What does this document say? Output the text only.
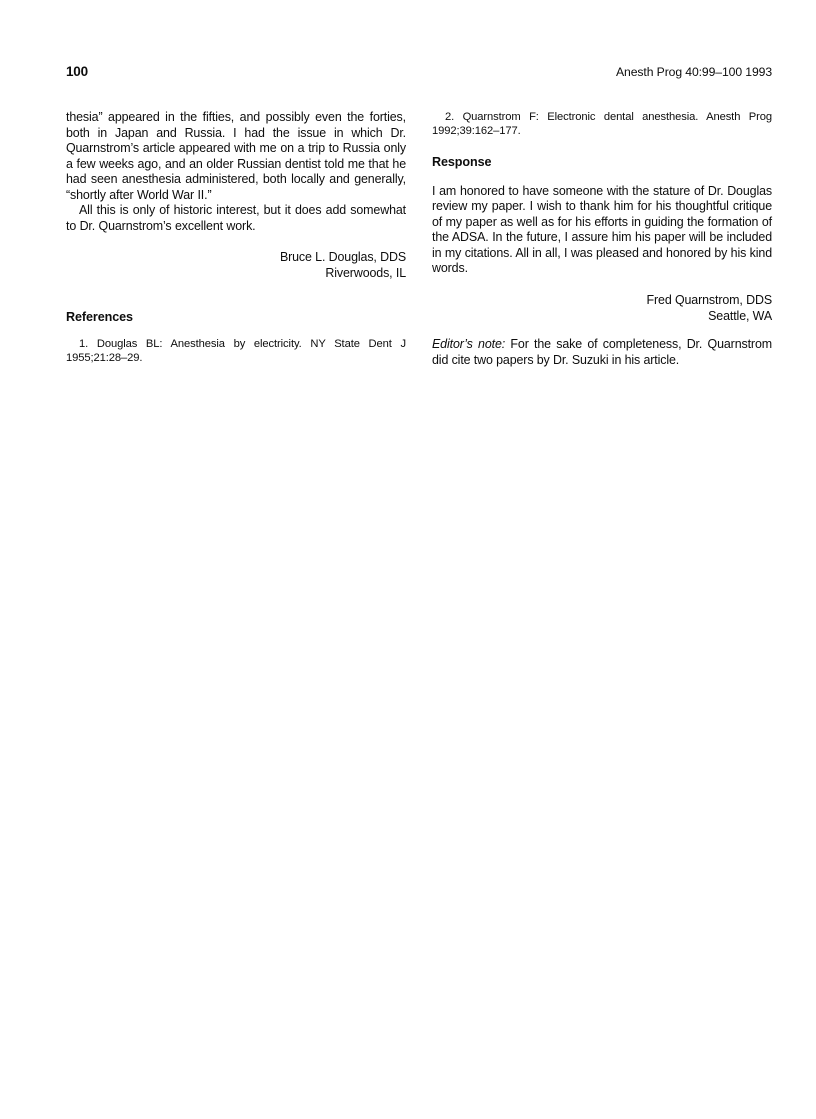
100	Anesth Prog 40:99–100 1993

thesia” appeared in the fifties, and possibly even the forties, both in Japan and Russia. I had the issue in which Dr. Quarnstrom’s article appeared with me on a trip to Russia only a few weeks ago, and an older Russian dentist told me that he had seen anesthesia administered, both locally and generally, “shortly after World War II.”

All this is only of historic interest, but it does add somewhat to Dr. Quarnstrom’s excellent work.

Bruce L. Douglas, DDS
Riverwoods, IL
References

1. Douglas BL: Anesthesia by electricity. NY State Dent J 1955;21:28–29.

2. Quarnstrom F: Electronic dental anesthesia. Anesth Prog 1992;39:162–177.

Response

I am honored to have someone with the stature of Dr. Douglas review my paper. I wish to thank him for his thoughtful critique of my paper as well as for his efforts in guiding the formation of the ADSA. In the future, I assure him his paper will be included in my citations. All in all, I was pleased and honored by his kind words.

Fred Quarnstrom, DDS
Seattle, WA

Editor’s note: For the sake of completeness, Dr. Quarnstrom did cite two papers by Dr. Suzuki in his article.
